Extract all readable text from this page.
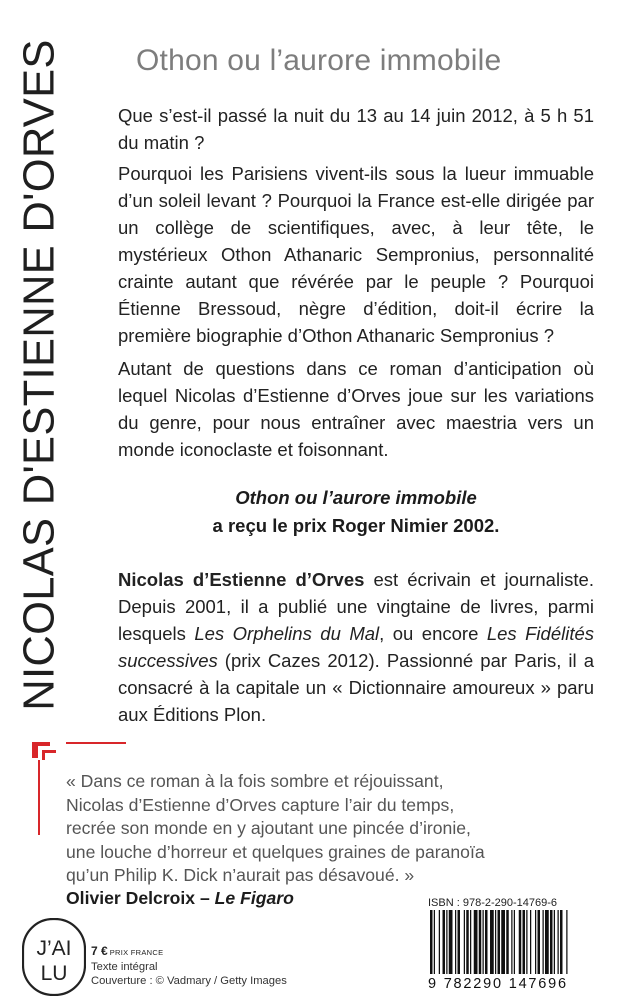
NICOLAS D'ESTIENNE D'ORVES Othon ou l’aurore immobile

Que s’est-il passé la nuit du 13 au 14 juin 2012, à 5 h 51 du matin ?

Pourquoi les Parisiens vivent-ils sous la lueur immuable d’un soleil levant ? Pourquoi la France est-elle dirigée par un collège de scientifiques, avec, à leur tête, le mystérieux Othon Athanaric Sempronius, personnalité crainte autant que révérée par le peuple ? Pourquoi Étienne Bressoud, nègre d’édition, doit-il écrire la première biographie d’Othon Athanaric Sempronius ?

Autant de questions dans ce roman d’anticipation où lequel Nicolas d’Estienne d’Orves joue sur les variations du genre, pour nous entraîner avec maestria vers un monde iconoclaste et foisonnant.

Othon ou l’aurore immobile
a reçu le prix Roger Nimier 2002.

Nicolas d’Estienne d’Orves est écrivain et journaliste. Depuis 2001, il a publié une vingtaine de livres, parmi lesquels Les Orphelins du Mal, ou encore Les Fidélités successives (prix Cazes 2012). Passionné par Paris, il a consacré à la capitale un « Dictionnaire amoureux » paru aux Éditions Plon.

« Dans ce roman à la fois sombre et réjouissant,
Nicolas d’Estienne d’Orves capture l’air du temps,
recrée son monde en y ajoutant une pincée d’ironie,
une louche d’horreur et quelques graines de paranoïa
qu’un Philip K. Dick n’aurait pas désavoué. »
Olivier Delcroix – Le Figaro
J’AI
LU
7 € PRIX FRANCE
Texte intégral
Couverture : © Vadmary / Getty Images
ISBN : 978-2-290-14769-6
9 782290 147696
